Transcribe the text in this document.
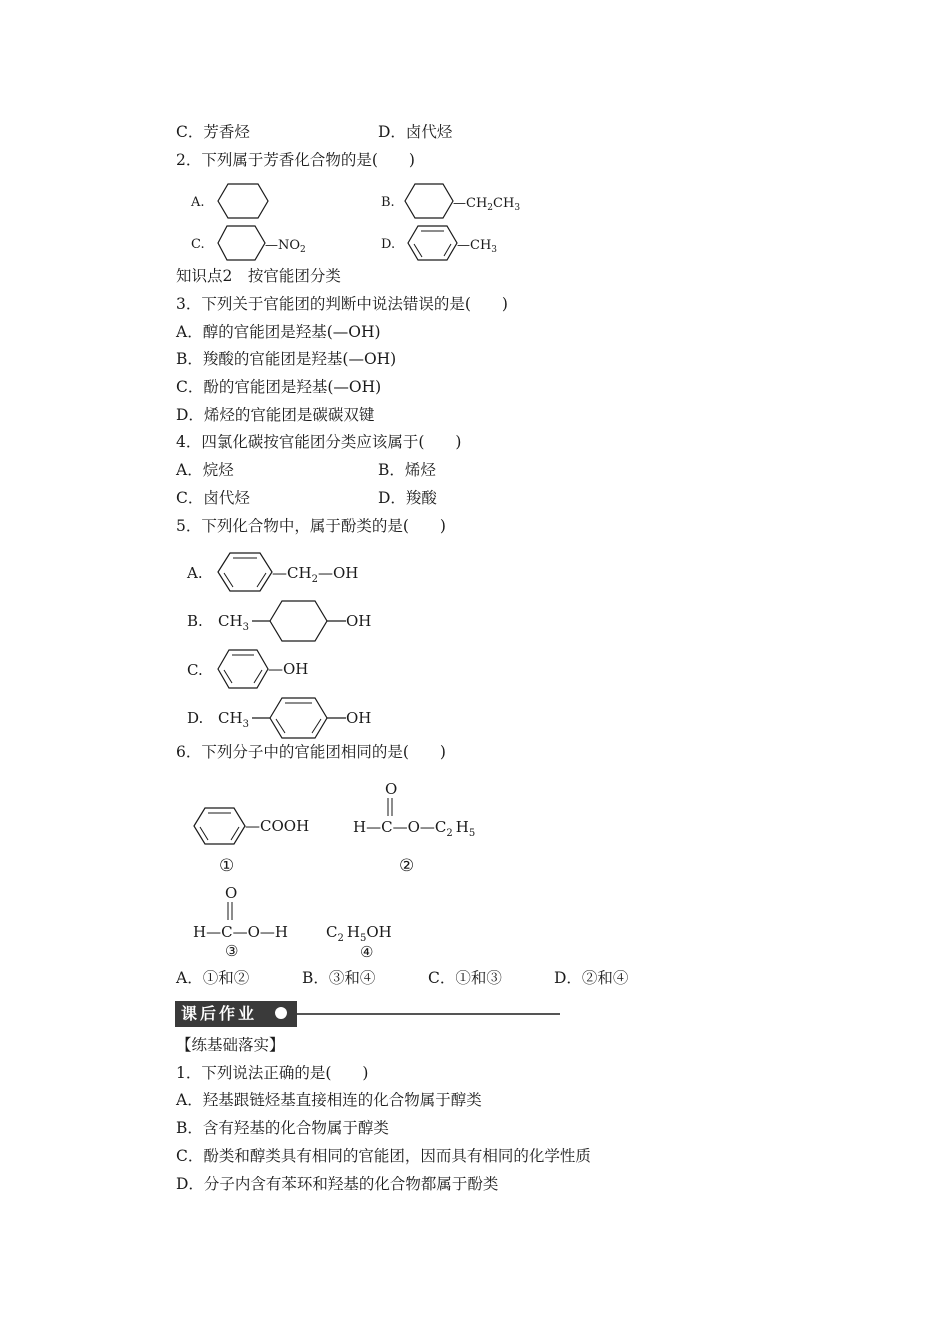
C．芳香烃	D．卤代烃
2．下列属于芳香化合物的是(　　)
A.	B.	$—CH_2CH_3$
C.	$—NO_2$	D.	$—CH_3$
知识点2　按官能团分类
3．下列关于官能团的判断中说法错误的是(　　)
A．醇的官能团是羟基(—OH)
B．羧酸的官能团是羟基(—OH)
C．酚的官能团是羟基(—OH)
D．烯烃的官能团是碳碳双键
4．四氯化碳按官能团分类应该属于(　　)
A．烷烃	B．烯烃
C．卤代烃	D．羧酸
5．下列化合物中，属于酚类的是(　　)
A.	$—CH_2—OH$
B. $CH_3$	OH
C.	—OH
D. $CH_3$	OH
6．下列分子中的官能团相同的是(　　)
—COOH
①
O
$H—C—O—C_2$ $H_5$
②
O
H—C—O—H
③
$C_2$ $H_5OH$
④
A．①和②	B．③和④	C．①和③	D．②和④
课后作业
【练基础落实】
1．下列说法正确的是(　　)
A．羟基跟链烃基直接相连的化合物属于醇类
B．含有羟基的化合物属于醇类
C．酚类和醇类具有相同的官能团，因而具有相同的化学性质
D．分子内含有苯环和羟基的化合物都属于酚类
